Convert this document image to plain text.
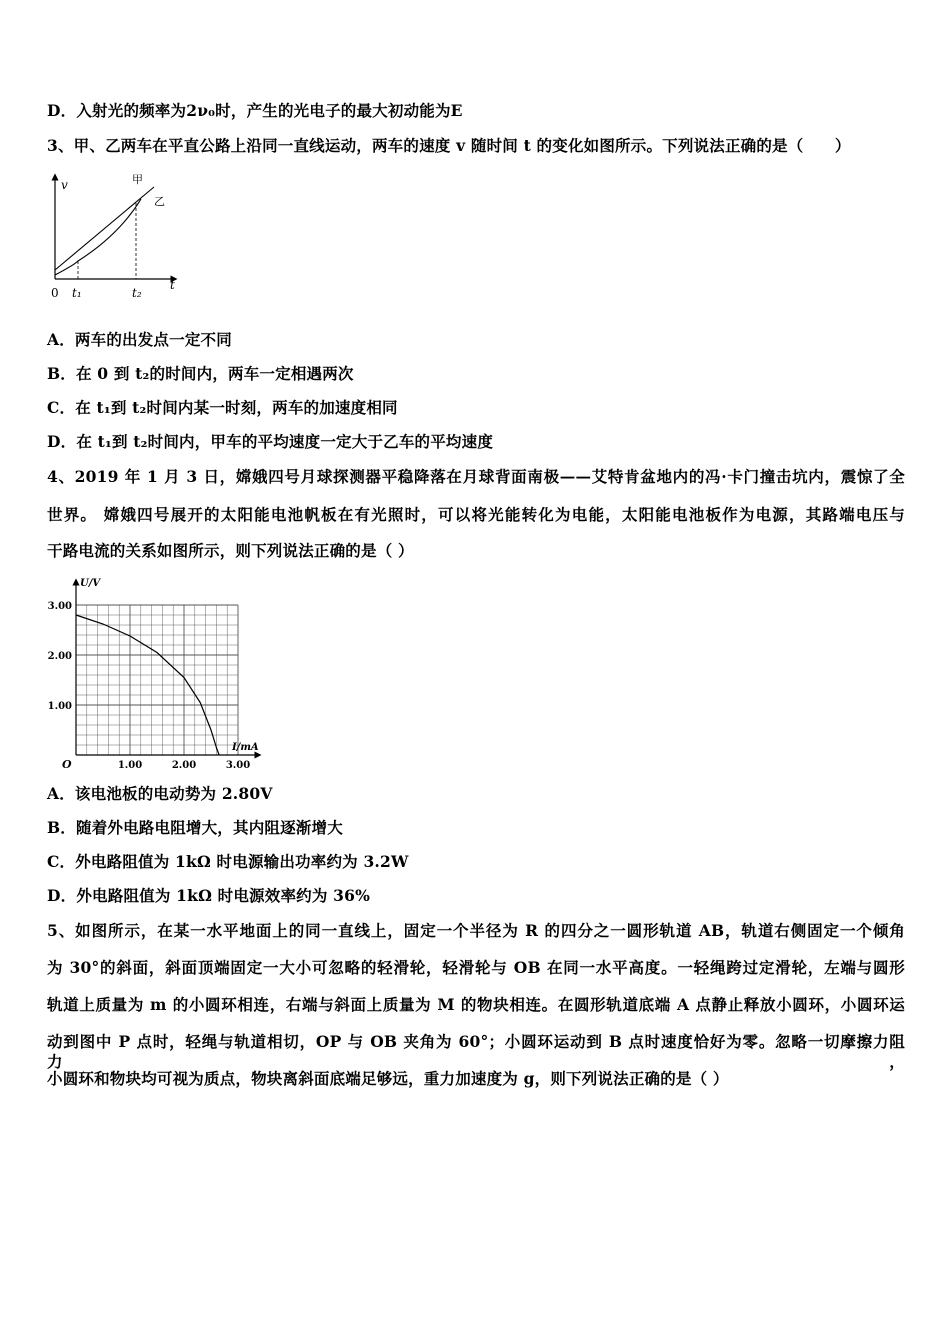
D．入射光的频率为2ν₀时，产生的光电子的最大初动能为E
3、甲、乙两车在平直公路上沿同一直线运动，两车的速度 v 随时间 t 的变化如图所示。下列说法正确的是（　　）
v
t
0 t₁	t₂
甲
乙
A．两车的出发点一定不同
B．在 0 到 t₂的时间内，两车一定相遇两次
C．在 t₁到 t₂时间内某一时刻，两车的加速度相同
D．在 t₁到 t₂时间内，甲车的平均速度一定大于乙车的平均速度
4、2019 年 1 月 3 日，嫦娥四号月球探测器平稳降落在月球背面南极——艾特肯盆地内的冯·卡门撞击坑内，震惊了全
世界。 嫦娥四号展开的太阳能电池帆板在有光照时，可以将光能转化为电能，太阳能电池板作为电源，其路端电压与
干路电流的关系如图所示，则下列说法正确的是（ ）
1.00	2.00	3.00
1.00
2.00
3.00
O
U/V
I/mA
A．该电池板的电动势为 2.80V
B．随着外电路电阻增大，其内阻逐渐增大
C．外电路阻值为 1kΩ 时电源输出功率约为 3.2W
D．外电路阻值为 1kΩ 时电源效率约为 36%
5、如图所示，在某一水平地面上的同一直线上，固定一个半径为 R 的四分之一圆形轨道 AB，轨道右侧固定一个倾角
为 30°的斜面，斜面顶端固定一大小可忽略的轻滑轮，轻滑轮与 OB 在同一水平高度。一轻绳跨过定滑轮，左端与圆形
轨道上质量为 m 的小圆环相连，右端与斜面上质量为 M 的物块相连。在圆形轨道底端 A 点静止释放小圆环，小圆环运
动到图中 P 点时，轻绳与轨道相切，OP 与 OB 夹角为 60°；小圆环运动到 B 点时速度恰好为零。忽略一切摩擦力阻力，
小圆环和物块均可视为质点，物块离斜面底端足够远，重力加速度为 g，则下列说法正确的是（ ）
